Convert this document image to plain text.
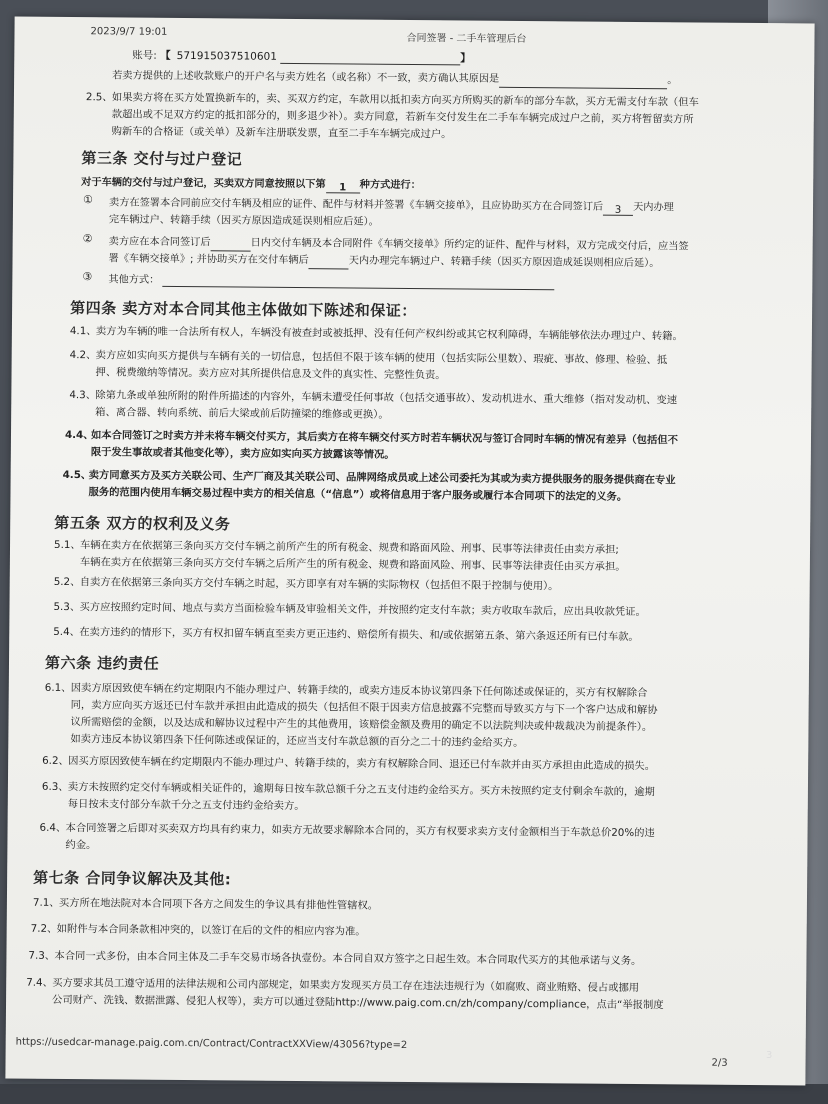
2023/9/7 19:01
合同签署 - 二手车管理后台
账号: 【 571915037510601	】
若卖方提供的上述收款账户的开户名与卖方姓名（或名称）不一致，卖方确认其原因是	。
2.5、 如果卖方将在买方处置换新车的，卖、买双方约定，车款用以抵扣卖方向买方所购买的新车的部分车款，买方无需支付车款（但车
款超出或不足双方约定的抵扣部分的，则多退少补）。卖方同意，若新车交付发生在二手车车辆完成过户之前，买方将暂留卖方所
购新车的合格证（或关单）及新车注册联发票，直至二手车车辆完成过户。
第三条 交付与过户登记
对于车辆的交付与过户登记，买卖双方同意按照以下第 1 种方式进行：
① 卖方在签署本合同前应交付车辆及相应的证件、配件与材料并签署《车辆交接单》，且应协助买方在合同签订后 3 天内办理
完车辆过户、转籍手续（因买方原因造成延误则相应后延）。
② 卖方应在本合同签订后	日内交付车辆及本合同附件《车辆交接单》所约定的证件、配件与材料，双方完成交付后，应当签
署《车辆交接单》; 并协助买方在交付车辆后	天内办理完车辆过户、转籍手续（因买方原因造成延误则相应后延）。
③ 其他方式：
第四条 卖方对本合同其他主体做如下陈述和保证：
4.1、 卖方为车辆的唯一合法所有权人，车辆没有被查封或被抵押、没有任何产权纠纷或其它权利障碍，车辆能够依法办理过户、转籍。
4.2、 卖方应如实向买方提供与车辆有关的一切信息，包括但不限于该车辆的使用（包括实际公里数）、瑕疵、事故、修理、检验、抵
押、税费缴纳等情况。卖方应对其所提供信息及文件的真实性、完整性负责。
4.3、 除第九条或单独所附的附件所描述的内容外，车辆未遭受任何事故（包括交通事故）、发动机进水、重大维修（指对发动机、变速
箱、离合器、转向系统、前后大梁或前后防撞梁的维修或更换）。
4.4、
如本合同签订之时卖方并未将车辆交付买方，其后卖方在将车辆交付买方时若车辆状况与签订合同时车辆的情况有差异（包括但不
限于发生事故或者其他变化等），卖方应如实向买方披露该等情况。
4.5、
卖方同意买方及买方关联公司、生产厂商及其关联公司、品牌网络成员或上述公司委托为其或为卖方提供服务的服务提供商在专业
服务的范围内使用车辆交易过程中卖方的相关信息（“信息”）或将信息用于客户服务或履行本合同项下的法定的义务。
第五条 双方的权利及义务
5.1、 车辆在卖方在依据第三条向买方交付车辆之前所产生的所有税金、规费和路面风险、刑事、民事等法律责任由卖方承担;
车辆在卖方在依据第三条向买方交付车辆之后所产生的所有税金、规费和路面风险、刑事、民事等法律责任由买方承担。
5.2、 自卖方在依据第三条向买方交付车辆之时起，买方即享有对车辆的实际物权（包括但不限于控制与使用）。
5.3、 买方应按照约定时间、地点与卖方当面检验车辆及审验相关文件，并按照约定支付车款；卖方收取车款后，应出具收款凭证。
5.4、 在卖方违约的情形下，买方有权扣留车辆直至卖方更正违约、赔偿所有损失、和/或依据第五条、第六条返还所有已付车款。
第六条 违约责任
6.1、 因卖方原因致使车辆在约定期限内不能办理过户、转籍手续的，或卖方违反本协议第四条下任何陈述或保证的，买方有权解除合
同，卖方应向买方返还已付车款并承担由此造成的损失（包括但不限于因卖方信息披露不完整而导致买方与下一个客户达成和解协
议所需赔偿的金额，以及达成和解协议过程中产生的其他费用，该赔偿金额及费用的确定不以法院判决或仲裁裁决为前提条件）。
如卖方违反本协议第四条下任何陈述或保证的，还应当支付车款总额的百分之二十的违约金给买方。
6.2、 因买方原因致使车辆在约定期限内不能办理过户、转籍手续的，卖方有权解除合同、退还已付车款并由买方承担由此造成的损失。
6.3、 卖方未按照约定交付车辆或相关证件的，逾期每日按车款总额千分之五支付违约金给买方。买方未按照约定支付剩余车款的，逾期
每日按未支付部分车款千分之五支付违约金给卖方。
6.4、 本合同签署之后即对买卖双方均具有约束力，如卖方无故要求解除本合同的，买方有权要求卖方支付金额相当于车款总价20%的违
约金。
第七条 合同争议解决及其他:
7.1、 买方所在地法院对本合同项下各方之间发生的争议具有排他性管辖权。
7.2、 如附件与本合同条款相冲突的，以签订在后的文件的相应内容为准。
7.3、 本合同一式多份，由本合同主体及二手车交易市场各执壹份。本合同自双方签字之日起生效。本合同取代买方的其他承诺与义务。
7.4、 买方要求其员工遵守适用的法律法规和公司内部规定，如果卖方发现买方员工存在违法违规行为（如腐败、商业贿赂、侵占或挪用
公司财产、洗钱、数据泄露、侵犯人权等），卖方可以通过登陆http://www.paig.com.cn/zh/company/compliance，点击“举报制度
https://usedcar-manage.paig.com.cn/Contract/ContractXXView/43056?type=2
2/3
3
